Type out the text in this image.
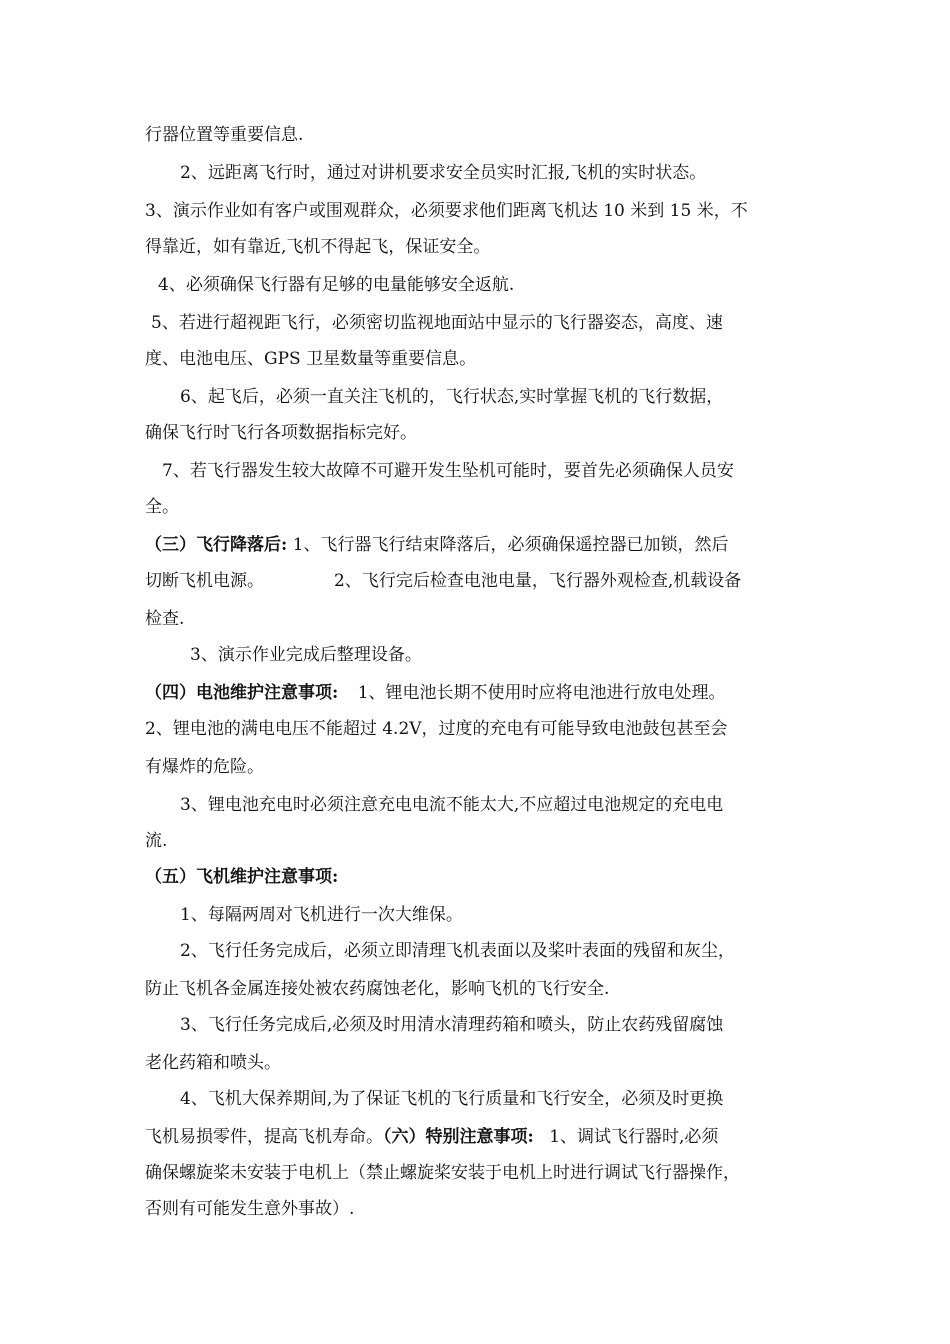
行器位置等重要信息.

2、远距离飞行时，通过对讲机要求安全员实时汇报,飞机的实时状态。

3、演示作业如有客户或围观群众，必须要求他们距离飞机达 10 米到 15 米，不

得靠近，如有靠近,飞机不得起飞，保证安全。

4、必须确保飞行器有足够的电量能够安全返航.

5、若进行超视距飞行，必须密切监视地面站中显示的飞行器姿态，高度、速

度、电池电压、GPS 卫星数量等重要信息。

6、起飞后，必须一直关注飞机的，飞行状态,实时掌握飞机的飞行数据，

确保飞行时飞行各项数据指标完好。

7、若飞行器发生较大故障不可避开发生坠机可能时，要首先必须确保人员安

全。

（三）飞行降落后: 1、飞行器飞行结束降落后，必须确保遥控器已加锁，然后

切断飞机电源。	2、飞行完后检查电池电量，飞行器外观检查,机载设备

检查.

3、演示作业完成后整理设备。

（四）电池维护注意事项: 1、锂电池长期不使用时应将电池进行放电处理。

2、锂电池的满电电压不能超过 4.2V，过度的充电有可能导致电池鼓包甚至会

有爆炸的危险。

3、锂电池充电时必须注意充电电流不能太大,不应超过电池规定的充电电

流.

（五）飞机维护注意事项:

1、每隔两周对飞机进行一次大维保。

2、飞行任务完成后，必须立即清理飞机表面以及桨叶表面的残留和灰尘，

防止飞机各金属连接处被农药腐蚀老化，影响飞机的飞行安全.

3、飞行任务完成后,必须及时用清水清理药箱和喷头，防止农药残留腐蚀

老化药箱和喷头。

4、飞机大保养期间,为了保证飞机的飞行质量和飞行安全，必须及时更换

飞机易损零件，提高飞机寿命。（六）特别注意事项: 1、调试飞行器时,必须

确保螺旋桨未安装于电机上（禁止螺旋桨安装于电机上时进行调试飞行器操作，

否则有可能发生意外事故）.
